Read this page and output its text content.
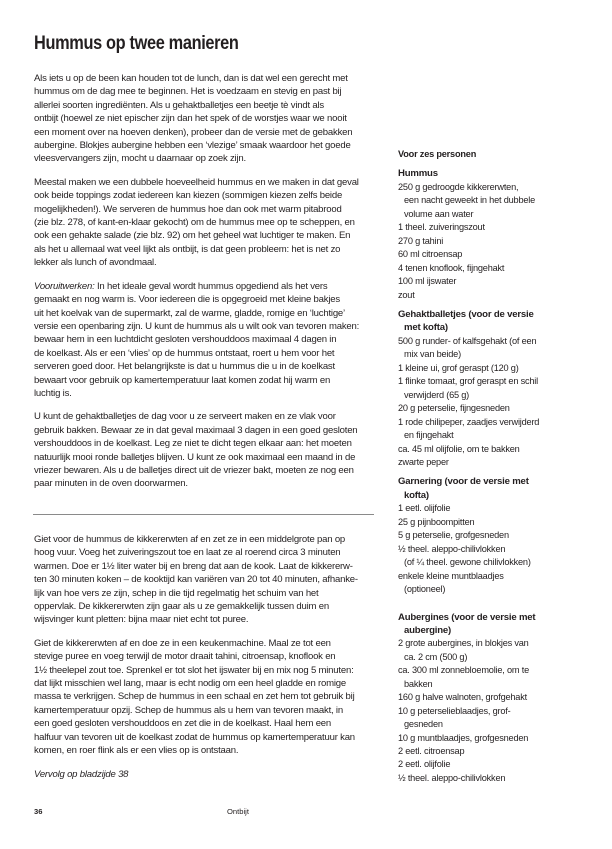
Hummus op twee manieren

Als iets u op de been kan houden tot de lunch, dan is dat wel een gerecht met
hummus om de dag mee te beginnen. Het is voedzaam en stevig en past bij
allerlei soorten ingrediënten. Als u gehaktballetjes een beetje tè vindt als
ontbijt (hoewel ze niet epischer zijn dan het spek of de worstjes waar we nooit
een moment over na hoeven denken), probeer dan de versie met de gebakken
aubergine. Blokjes aubergine hebben een ‘vlezige’ smaak waardoor het goede
vleesvervangers zijn, mocht u daarnaar op zoek zijn.

Meestal maken we een dubbele hoeveelheid hummus en we maken in dat geval
ook beide toppings zodat iedereen kan kiezen (sommigen kiezen zelfs beide
mogelijkheden!). We serveren de hummus hoe dan ook met warm pitabrood
(zie blz. 278, of kant-en-klaar gekocht) om de hummus mee op te scheppen, en
ook een gehakte salade (zie blz. 92) om het geheel wat luchtiger te maken. En
als het u allemaal wat veel lijkt als ontbijt, is dat geen probleem: het is net zo
lekker als lunch of avondmaal.

Vooruitwerken: In het ideale geval wordt hummus opgediend als het vers
gemaakt en nog warm is. Voor iedereen die is opgegroeid met kleine bakjes
uit het koelvak van de supermarkt, zal de warme, gladde, romige en ‘luchtige’
versie een openbaring zijn. U kunt de hummus als u wilt ook van tevoren maken:
bewaar hem in een luchtdicht gesloten vershouddoos maximaal 4 dagen in
de koelkast. Als er een ‘vlies’ op de hummus ontstaat, roert u hem voor het
serveren goed door. Het belangrijkste is dat u hummus die u in de koelkast
bewaart voor gebruik op kamertemperatuur laat komen zodat hij warm en
luchtig is.

U kunt de gehaktballetjes de dag voor u ze serveert maken en ze vlak voor
gebruik bakken. Bewaar ze in dat geval maximaal 3 dagen in een goed gesloten
vershouddoos in de koelkast. Leg ze niet te dicht tegen elkaar aan: het moeten
natuurlijk mooi ronde balletjes blijven. U kunt ze ook maximaal een maand in de
vriezer bewaren. Als u de balletjes direct uit de vriezer bakt, moeten ze nog een
paar minuten in de oven doorwarmen.

Giet voor de hummus de kikkererwten af en zet ze in een middelgrote pan op
hoog vuur. Voeg het zuiveringszout toe en laat ze al roerend circa 3 minuten
warmen. Doe er 1½ liter water bij en breng dat aan de kook. Laat de kikkererw-
ten 30 minuten koken – de kooktijd kan variëren van 20 tot 40 minuten, afhanke-
lijk van hoe vers ze zijn, schep in die tijd regelmatig het schuim van het
oppervlak. De kikkererwten zijn gaar als u ze gemakkelijk tussen duim en
wijsvinger kunt pletten: bijna maar niet echt tot puree.

Giet de kikkererwten af en doe ze in een keukenmachine. Maal ze tot een
stevige puree en voeg terwijl de motor draait tahini, citroensap, knoflook en
1½ theelepel zout toe. Sprenkel er tot slot het ijswater bij en mix nog 5 minuten:
dat lijkt misschien wel lang, maar is echt nodig om een heel gladde en romige
massa te verkrijgen. Schep de hummus in een schaal en zet hem tot gebruik bij
kamertemperatuur opzij. Schep de hummus als u hem van tevoren maakt, in
een goed gesloten vershouddoos en zet die in de koelkast. Haal hem een
halfuur van tevoren uit de koelkast zodat de hummus op kamertemperatuur kan
komen, en roer flink als er een vlies op is ontstaan.

Vervolg op bladzijde 38

Voor zes personen
Hummus
250 g gedroogde kikkererwten,
een nacht geweekt in het dubbele
volume aan water
1 theel. zuiveringszout
270 g tahini
60 ml citroensap
4 tenen knoflook, fijngehakt
100 ml ijswater
zout
Gehaktballetjes (voor de versie
met kofta)
500 g runder- of kalfsgehakt (of een
mix van beide)
1 kleine ui, grof geraspt (120 g)
1 flinke tomaat, grof geraspt en schil
verwijderd (65 g)
20 g peterselie, fijngesneden
1 rode chilipeper, zaadjes verwijderd
en fijngehakt
ca. 45 ml olijfolie, om te bakken
zwarte peper
Garnering (voor de versie met
kofta)
1 eetl. olijfolie
25 g pijnboompitten
5 g peterselie, grofgesneden
½ theel. aleppo-chilivlokken
(of ¼ theel. gewone chilivlokken)
enkele kleine muntblaadjes
(optioneel)
Aubergines (voor de versie met
aubergine)
2 grote aubergines, in blokjes van
ca. 2 cm (500 g)
ca. 300 ml zonnebloemolie, om te
bakken
160 g halve walnoten, grofgehakt
10 g peterselieblaadjes, grof-
gesneden
10 g muntblaadjes, grofgesneden
2 eetl. citroensap
2 eetl. olijfolie
½ theel. aleppo-chilivlokken
36	Ontbijt
